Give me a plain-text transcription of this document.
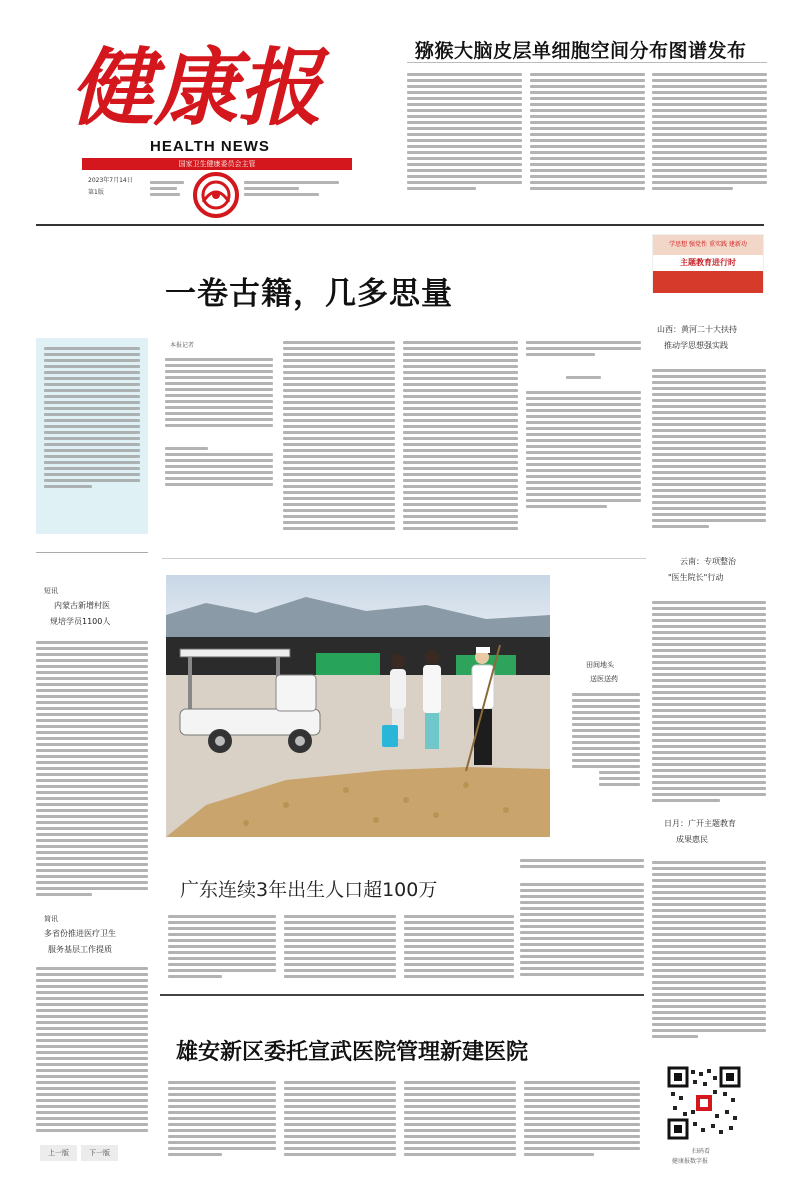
健康报
HEALTH NEWS
国家卫生健康委员会主管
2023年7月14日
第1版
猕猴大脑皮层单细胞空间分布图谱发布
一卷古籍，几多思量
学思想 强党性 重实践 建新功
主题教育进行时
本报记者
山西：黄河二十大扶持
推动学思想强实践
云南：专项整治
"医生院长"行动
日月：广开主题教育
成果惠民
扫码看
健康报数字报
短讯
内蒙古新增村医
规培学员1100人
简讯
多省份推进医疗卫生
服务基层工作提质
上一版	下一版
田间地头
送医送药
广东连续3年出生人口超100万
雄安新区委托宣武医院管理新建医院
